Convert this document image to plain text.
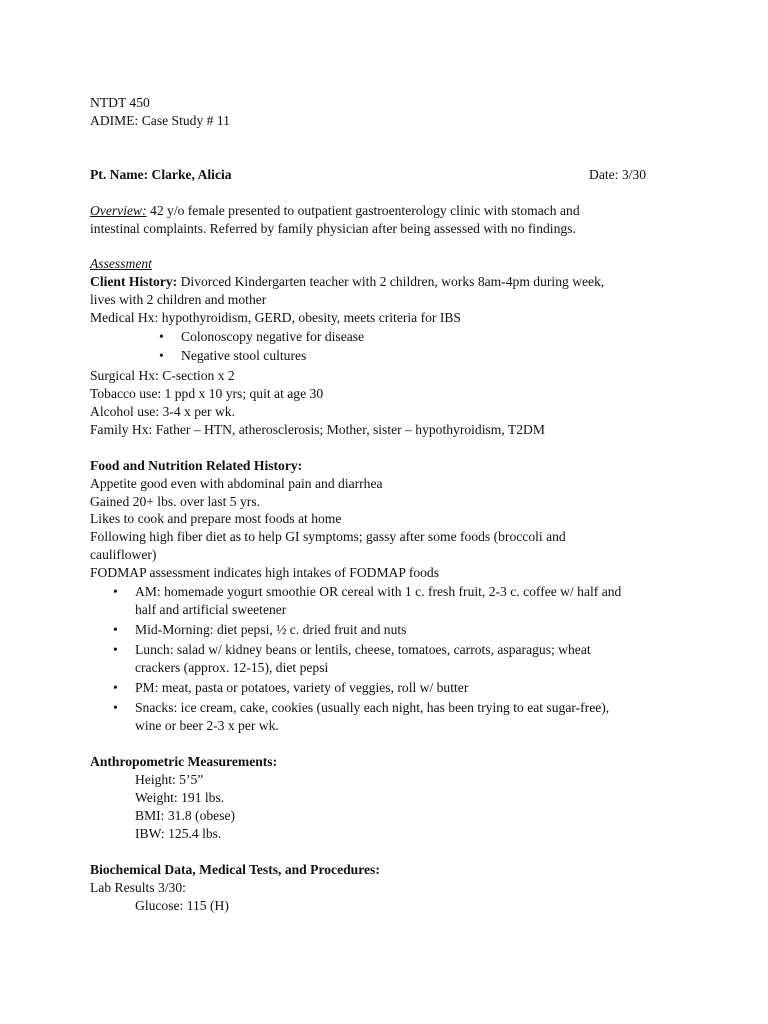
NTDT 450
ADIME: Case Study # 11
Pt. Name: Clarke, Alicia	Date: 3/30
Overview: 42 y/o female presented to outpatient gastroenterology clinic with stomach and
intestinal complaints. Referred by family physician after being assessed with no findings.
Assessment
Client History: Divorced Kindergarten teacher with 2 children, works 8am-4pm during week,
lives with 2 children and mother
Medical Hx: hypothyroidism, GERD, obesity, meets criteria for IBS
• Colonoscopy negative for disease
• Negative stool cultures
Surgical Hx: C-section x 2
Tobacco use: 1 ppd x 10 yrs; quit at age 30
Alcohol use: 3-4 x per wk.
Family Hx: Father – HTN, atherosclerosis; Mother, sister – hypothyroidism, T2DM
Food and Nutrition Related History:
Appetite good even with abdominal pain and diarrhea
Gained 20+ lbs. over last 5 yrs.
Likes to cook and prepare most foods at home
Following high fiber diet as to help GI symptoms; gassy after some foods (broccoli and
cauliflower)
FODMAP assessment indicates high intakes of FODMAP foods
• AM: homemade yogurt smoothie OR cereal with 1 c. fresh fruit, 2-3 c. coffee w/ half and
half and artificial sweetener
• Mid-Morning: diet pepsi, ½ c. dried fruit and nuts
• Lunch: salad w/ kidney beans or lentils, cheese, tomatoes, carrots, asparagus; wheat
crackers (approx. 12-15), diet pepsi
• PM: meat, pasta or potatoes, variety of veggies, roll w/ butter
• Snacks: ice cream, cake, cookies (usually each night, has been trying to eat sugar-free),
wine or beer 2-3 x per wk.
Anthropometric Measurements:
Height: 5’5”
Weight: 191 lbs.
BMI: 31.8 (obese)
IBW: 125.4 lbs.
Biochemical Data, Medical Tests, and Procedures:
Lab Results 3/30:
Glucose: 115 (H)
